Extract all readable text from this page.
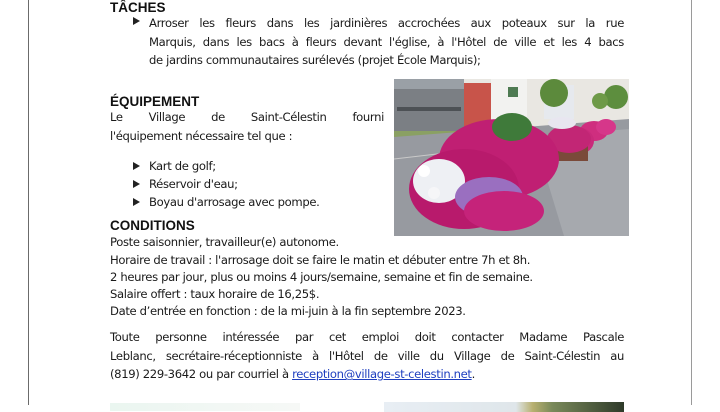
TÂCHES
Arroser les fleurs dans les jardinières accrochées aux poteaux sur la rue
Marquis, dans les bacs à fleurs devant l'église, à l'Hôtel de ville et les 4 bacs
de jardins communautaires surélevés (projet École Marquis);
ÉQUIPEMENT
Le Village de Saint-Célestin fourni
l'équipement nécessaire tel que :
Kart de golf;
Réservoir d'eau;
Boyau d'arrosage avec pompe.
CONDITIONS
Poste saisonnier, travailleur(e) autonome.
Horaire de travail : l'arrosage doit se faire le matin et débuter entre 7h et 8h.
2 heures par jour, plus ou moins 4 jours/semaine, semaine et fin de semaine.
Salaire offert : taux horaire de 16,25$.
Date d’entrée en fonction : de la mi-juin à la fin septembre 2023.
Toute personne intéressée par cet emploi doit contacter Madame Pascale
Leblanc, secrétaire-réceptionniste à l'Hôtel de ville du Village de Saint-Célestin au
(819) 229-3642 ou par courriel à reception@village-st-celestin.net.
